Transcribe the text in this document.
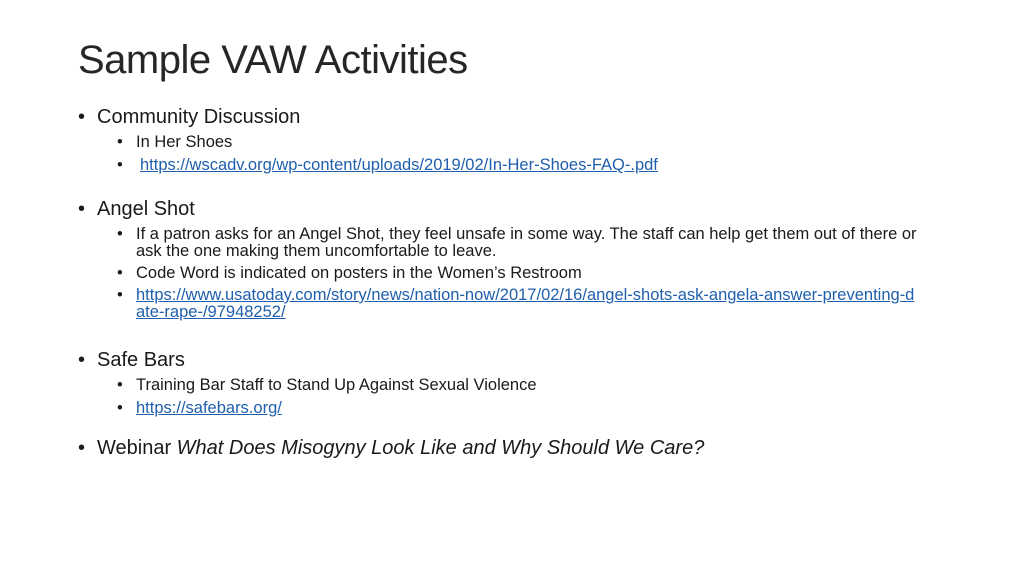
Sample VAW Activities
• Community Discussion
• In Her Shoes
• https://wscadv.org/wp-content/uploads/2019/02/In-Her-Shoes-FAQ-.pdf
• Angel Shot
• If a patron asks for an Angel Shot, they feel unsafe in some way. The staff can help get them out of there or ask the one making them uncomfortable to leave.
• Code Word is indicated on posters in the Women’s Restroom
• https://www.usatoday.com/story/news/nation-now/2017/02/16/angel-shots-ask-angela-answer-preventing-date-rape-/97948252/
• Safe Bars
• Training Bar Staff to Stand Up Against Sexual Violence
• https://safebars.org/
• Webinar What Does Misogyny Look Like and Why Should We Care?
